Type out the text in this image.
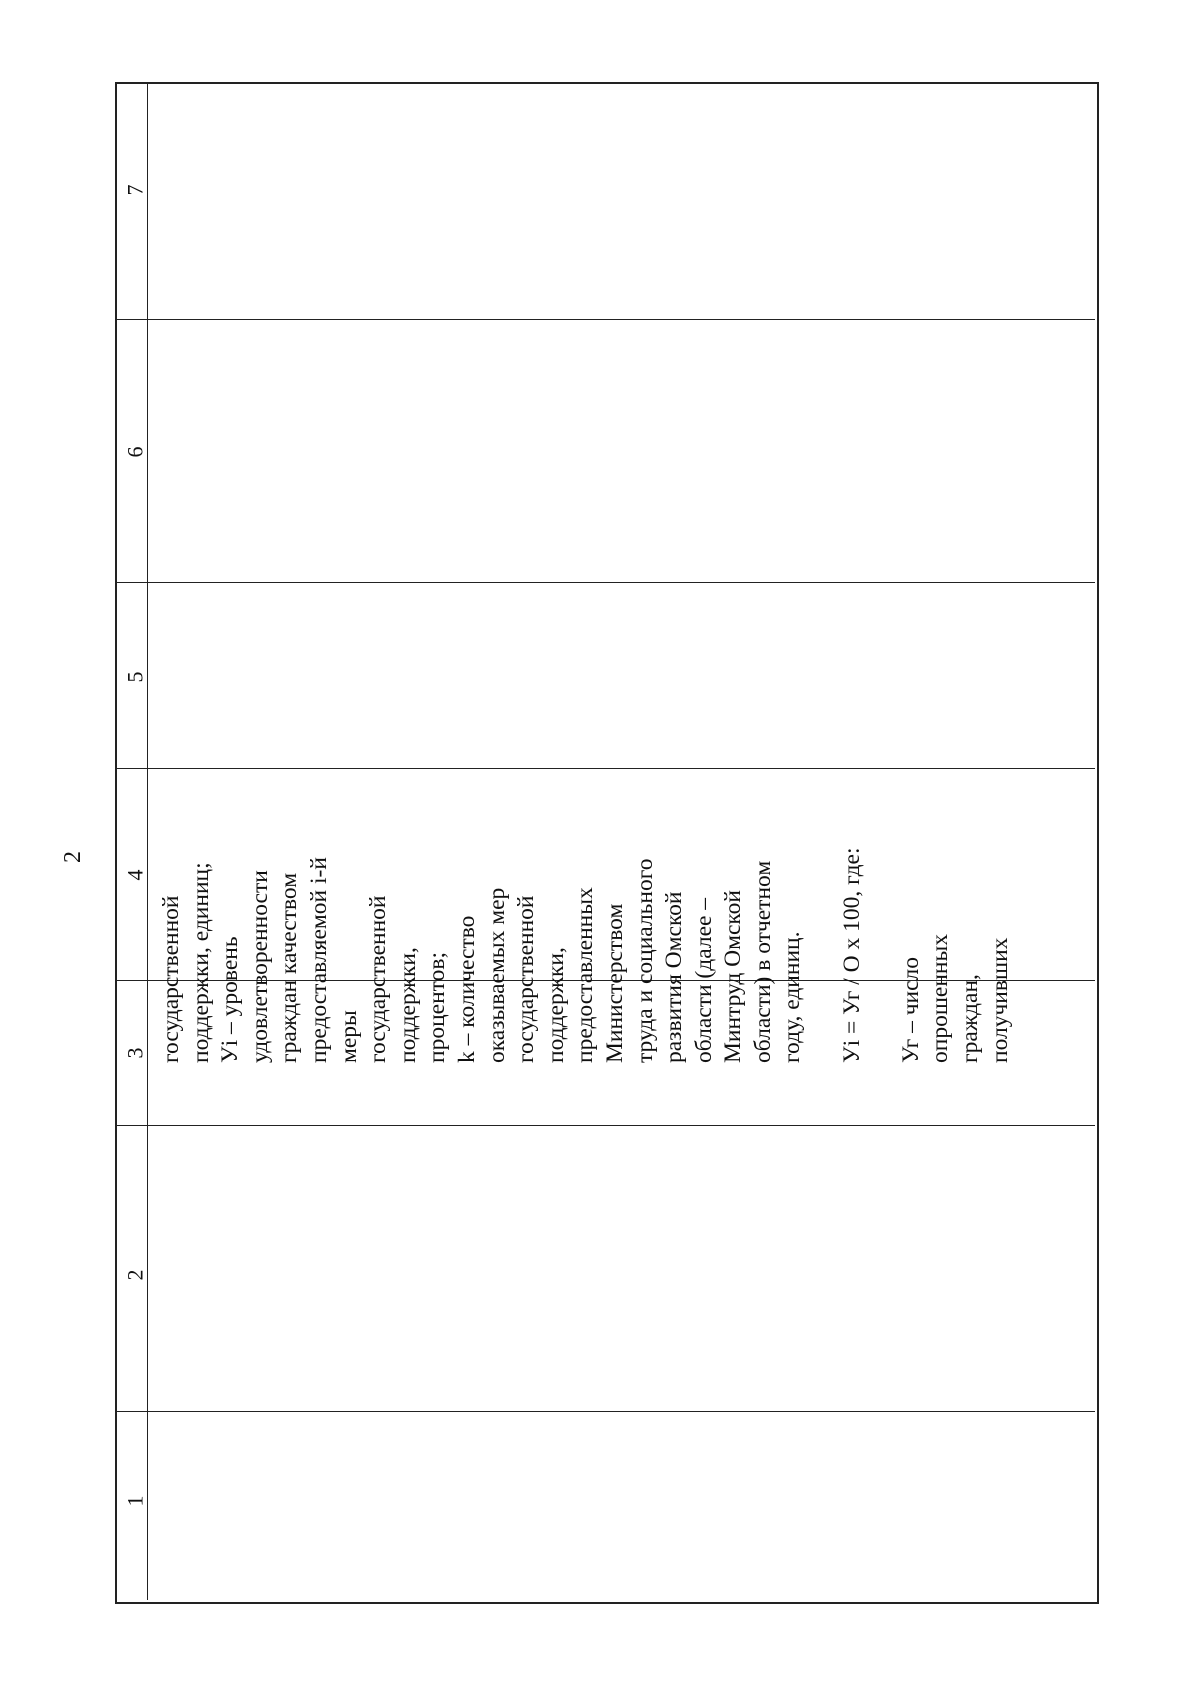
2
7
6
5
4
3
2
1
государственной поддержки, единиц; Уi – уровень удовлетворенности граждан качеством предоставляемой i-й меры государственной поддержки, процентов; k – количество оказываемых мер государственной поддержки, предоставленных Министерством труда и социального развития Омской области (далее – Минтруд Омской области) в отчетном году, единиц. Уi = Уг / О x 100, где: Уг – число опрошенных граждан, получивших
